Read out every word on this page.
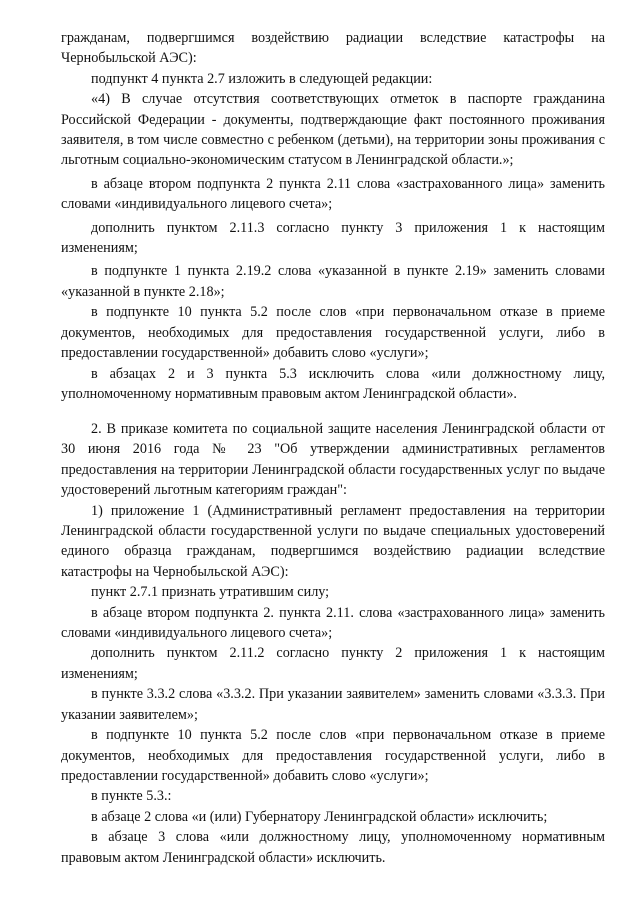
гражданам, подвергшимся воздействию радиации вследствие катастрофы на Чернобыльской АЭС):

подпункт 4 пункта 2.7 изложить в следующей редакции:

«4) В случае отсутствия соответствующих отметок в паспорте гражданина Российской Федерации - документы, подтверждающие факт постоянного проживания заявителя, в том числе совместно с ребенком (детьми), на территории зоны проживания с льготным социально-экономическим статусом в Ленинградской области.»;

в абзаце втором подпункта 2 пункта 2.11 слова «застрахованного лица» заменить словами «индивидуального лицевого счета»;

дополнить пунктом 2.11.3 согласно пункту 3 приложения 1 к настоящим изменениям;

в подпункте 1 пункта 2.19.2 слова «указанной в пункте 2.19» заменить словами «указанной в пункте 2.18»;

в подпункте 10 пункта 5.2 после слов «при первоначальном отказе в приеме документов, необходимых для предоставления государственной услуги, либо в предоставлении государственной» добавить слово «услуги»;

в абзацах 2 и 3 пункта 5.3 исключить слова «или должностному лицу, уполномоченному нормативным правовым актом Ленинградской области».

2. В приказе комитета по социальной защите населения Ленинградской области от 30 июня 2016 года № 23 "Об утверждении административных регламентов предоставления на территории Ленинградской области государственных услуг по выдаче удостоверений льготным категориям граждан":

1) приложение 1 (Административный регламент предоставления на территории Ленинградской области государственной услуги по выдаче специальных удостоверений единого образца гражданам, подвергшимся воздействию радиации вследствие катастрофы на Чернобыльской АЭС):

пункт 2.7.1 признать утратившим силу;

в абзаце втором подпункта 2. пункта 2.11. слова «застрахованного лица» заменить словами «индивидуального лицевого счета»;

дополнить пунктом 2.11.2 согласно пункту 2 приложения 1 к настоящим изменениям;

в пункте 3.3.2 слова «3.3.2. При указании заявителем» заменить словами «3.3.3. При указании заявителем»;

в подпункте 10 пункта 5.2 после слов «при первоначальном отказе в приеме документов, необходимых для предоставления государственной услуги, либо в предоставлении государственной» добавить слово «услуги»;

в пункте 5.3.:

в абзаце 2 слова «и (или) Губернатору Ленинградской области» исключить;

в абзаце 3 слова «или должностному лицу, уполномоченному нормативным правовым актом Ленинградской области» исключить.
